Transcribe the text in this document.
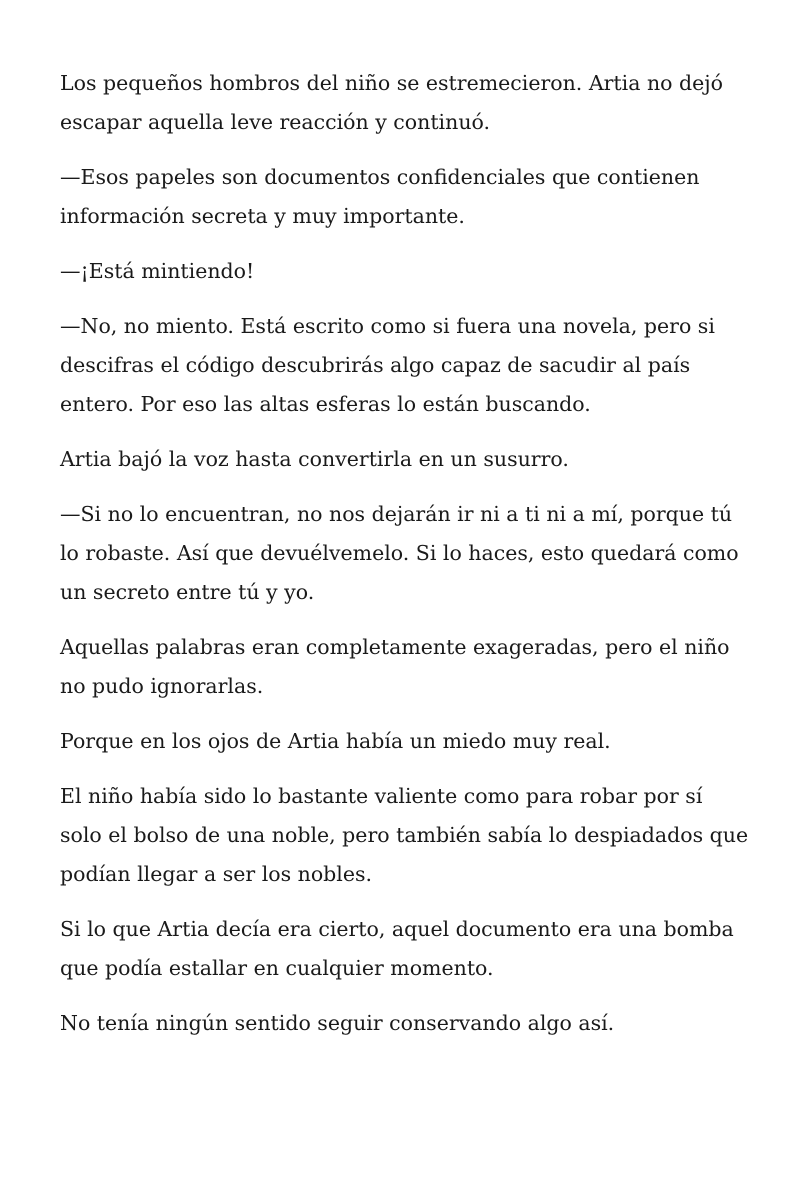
Los pequeños hombros del niño se estremecieron. Artia no dejó escapar aquella leve reacción y continuó.

—Esos papeles son documentos confidenciales que contienen información secreta y muy importante.

—¡Está mintiendo!

—No, no miento. Está escrito como si fuera una novela, pero si descifras el código descubrirás algo capaz de sacudir al país entero. Por eso las altas esferas lo están buscando.

Artia bajó la voz hasta convertirla en un susurro.

—Si no lo encuentran, no nos dejarán ir ni a ti ni a mí, porque tú lo robaste. Así que devuélvemelo. Si lo haces, esto quedará como un secreto entre tú y yo.

Aquellas palabras eran completamente exageradas, pero el niño no pudo ignorarlas.

Porque en los ojos de Artia había un miedo muy real.

El niño había sido lo bastante valiente como para robar por sí solo el bolso de una noble, pero también sabía lo despiadados que podían llegar a ser los nobles.

Si lo que Artia decía era cierto, aquel documento era una bomba que podía estallar en cualquier momento.

No tenía ningún sentido seguir conservando algo así.
